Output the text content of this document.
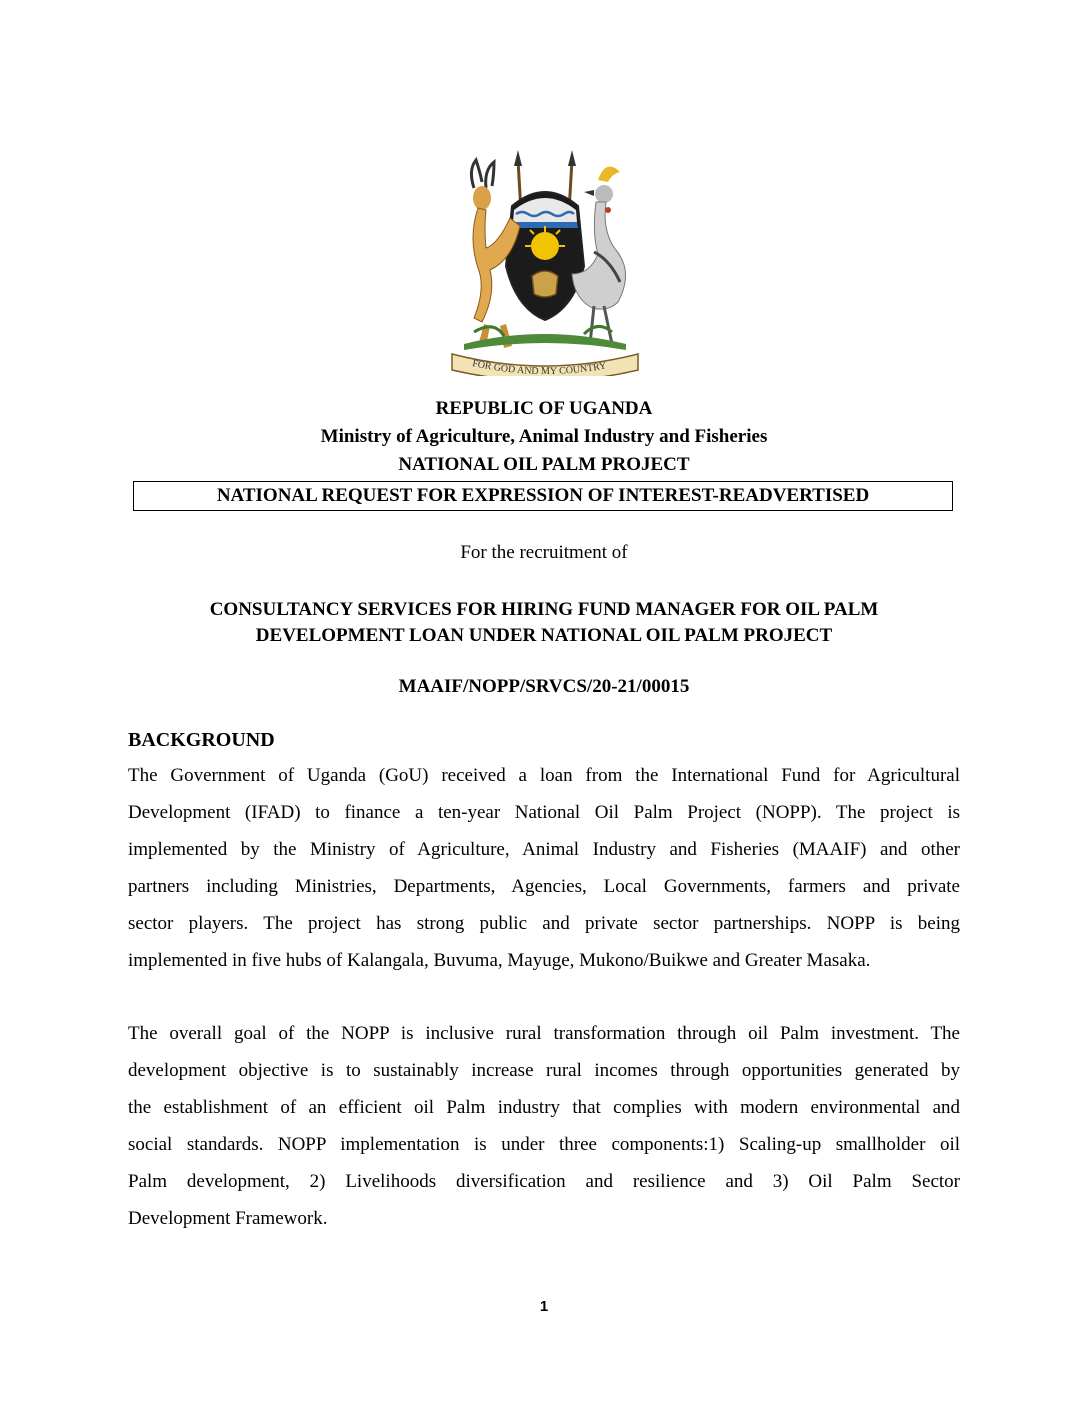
FOR GOD AND MY COUNTRY
REPUBLIC OF UGANDA
Ministry of Agriculture, Animal Industry and Fisheries
NATIONAL OIL PALM PROJECT
NATIONAL REQUEST FOR EXPRESSION OF INTEREST-READVERTISED
For the recruitment of
CONSULTANCY SERVICES FOR HIRING FUND MANAGER FOR OIL PALM
DEVELOPMENT LOAN UNDER NATIONAL OIL PALM PROJECT
MAAIF/NOPP/SRVCS/20-21/00015
BACKGROUND
The Government of Uganda (GoU) received a loan from the International Fund for Agricultural
Development (IFAD) to finance a ten-year National Oil Palm Project (NOPP). The project is
implemented by the Ministry of Agriculture, Animal Industry and Fisheries (MAAIF) and other
partners including Ministries, Departments, Agencies, Local Governments, farmers and private
sector players. The project has strong public and private sector partnerships. NOPP is being
implemented in five hubs of Kalangala, Buvuma, Mayuge, Mukono/Buikwe and Greater Masaka.
The overall goal of the NOPP is inclusive rural transformation through oil Palm investment. The
development objective is to sustainably increase rural incomes through opportunities generated by
the establishment of an efficient oil Palm industry that complies with modern environmental and
social standards. NOPP implementation is under three components:1) Scaling-up smallholder oil
Palm development, 2) Livelihoods diversification and resilience and 3) Oil Palm Sector
Development Framework.
1
